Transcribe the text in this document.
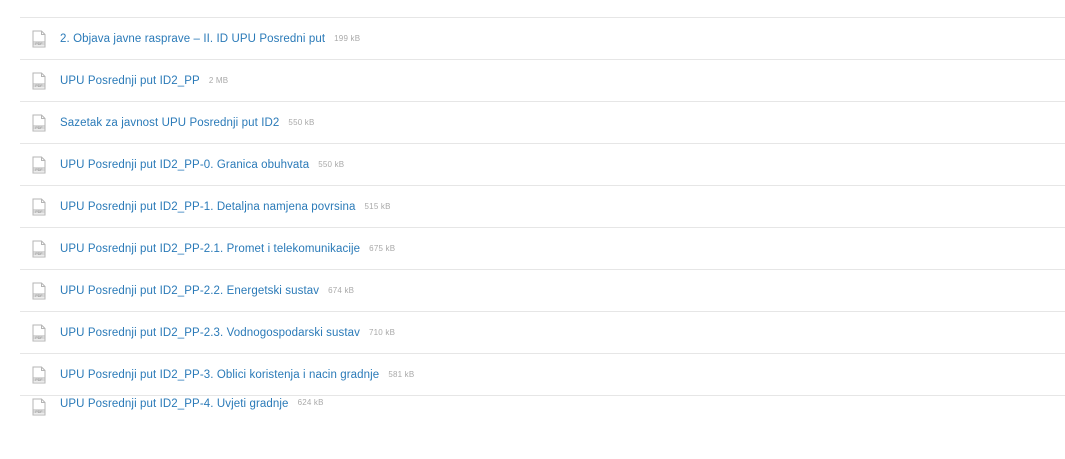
PDF 2. Objava javne rasprave – II. ID UPU Posredni put 199 kB
PDF UPU Posrednji put ID2_PP 2 MB
PDF Sazetak za javnost UPU Posrednji put ID2 550 kB
PDF UPU Posrednji put ID2_PP-0. Granica obuhvata 550 kB
PDF UPU Posrednji put ID2_PP-1. Detaljna namjena povrsina 515 kB
PDF UPU Posrednji put ID2_PP-2.1. Promet i telekomunikacije 675 kB
PDF UPU Posrednji put ID2_PP-2.2. Energetski sustav 674 kB
PDF UPU Posrednji put ID2_PP-2.3. Vodnogospodarski sustav 710 kB
PDF UPU Posrednji put ID2_PP-3. Oblici koristenja i nacin gradnje 581 kB
PDF
UPU Posrednji put ID2_PP-4. Uvjeti gradnje 624 kB
